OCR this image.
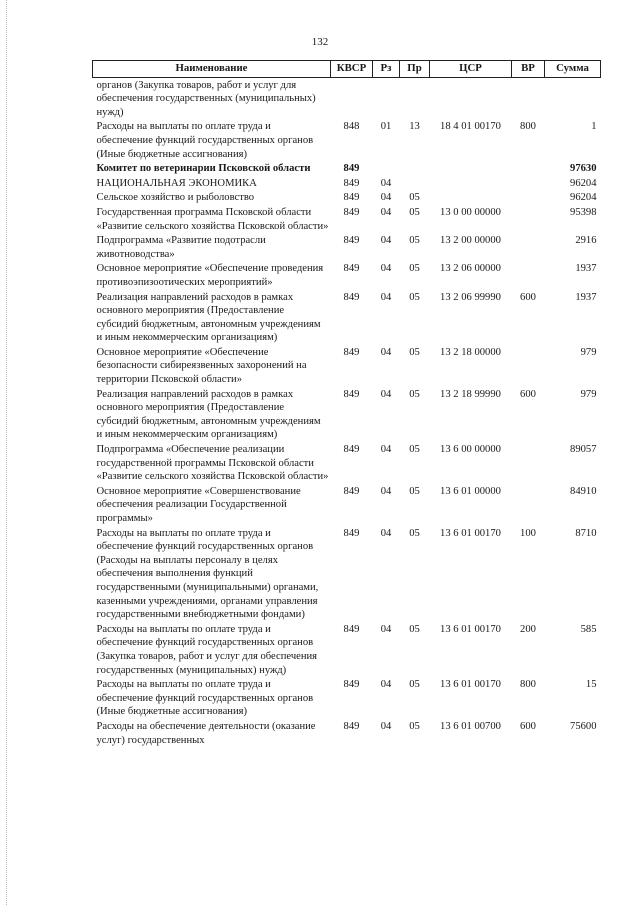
132
Наименование	КВСР	Рз	Пр	ЦСР	ВР	Сумма
органов (Закупка товаров, работ и услуг для обеспечения государственных (муниципальных) нужд)						
Расходы на выплаты по оплате труда и обеспечение функций государственных органов (Иные бюджетные ассигнования)	848	01	13	18 4 01 00170	800	1
Комитет по ветеринарии Псковской области	849					97630
НАЦИОНАЛЬНАЯ ЭКОНОМИКА	849	04				96204
Сельское хозяйство и рыболовство	849	04	05			96204
Государственная программа Псковской области «Развитие сельского хозяйства Псковской области»	849	04	05	13 0 00 00000		95398
Подпрограмма «Развитие подотрасли животноводства»	849	04	05	13 2 00 00000		2916
Основное мероприятие «Обеспечение проведения противоэпизоотических мероприятий»	849	04	05	13 2 06 00000		1937
Реализация направлений расходов в рамках основного мероприятия (Предоставление субсидий бюджетным, автономным учреждениям и иным некоммерческим организациям)	849	04	05	13 2 06 99990	600	1937
Основное мероприятие «Обеспечение безопасности сибиреязвенных захоронений на территории Псковской области»	849	04	05	13 2 18 00000		979
Реализация направлений расходов в рамках основного мероприятия (Предоставление субсидий бюджетным, автономным учреждениям и иным некоммерческим организациям)	849	04	05	13 2 18 99990	600	979
Подпрограмма «Обеспечение реализации государственной программы Псковской области «Развитие сельского хозяйства Псковской области»	849	04	05	13 6 00 00000		89057
Основное мероприятие «Совершенствование обеспечения реализации Государственной программы»	849	04	05	13 6 01 00000		84910
Расходы на выплаты по оплате труда и обеспечение функций государственных органов (Расходы на выплаты персоналу в целях обеспечения выполнения функций государственными (муниципальными) органами, казенными учреждениями, органами управления государственными внебюджетными фондами)	849	04	05	13 6 01 00170	100	8710
Расходы на выплаты по оплате труда и обеспечение функций государственных органов (Закупка товаров, работ и услуг для обеспечения государственных (муниципальных) нужд)	849	04	05	13 6 01 00170	200	585
Расходы на выплаты по оплате труда и обеспечение функций государственных органов (Иные бюджетные ассигнования)	849	04	05	13 6 01 00170	800	15
Расходы на обеспечение деятельности (оказание услуг) государственных	849	04	05	13 6 01 00700	600	75600
